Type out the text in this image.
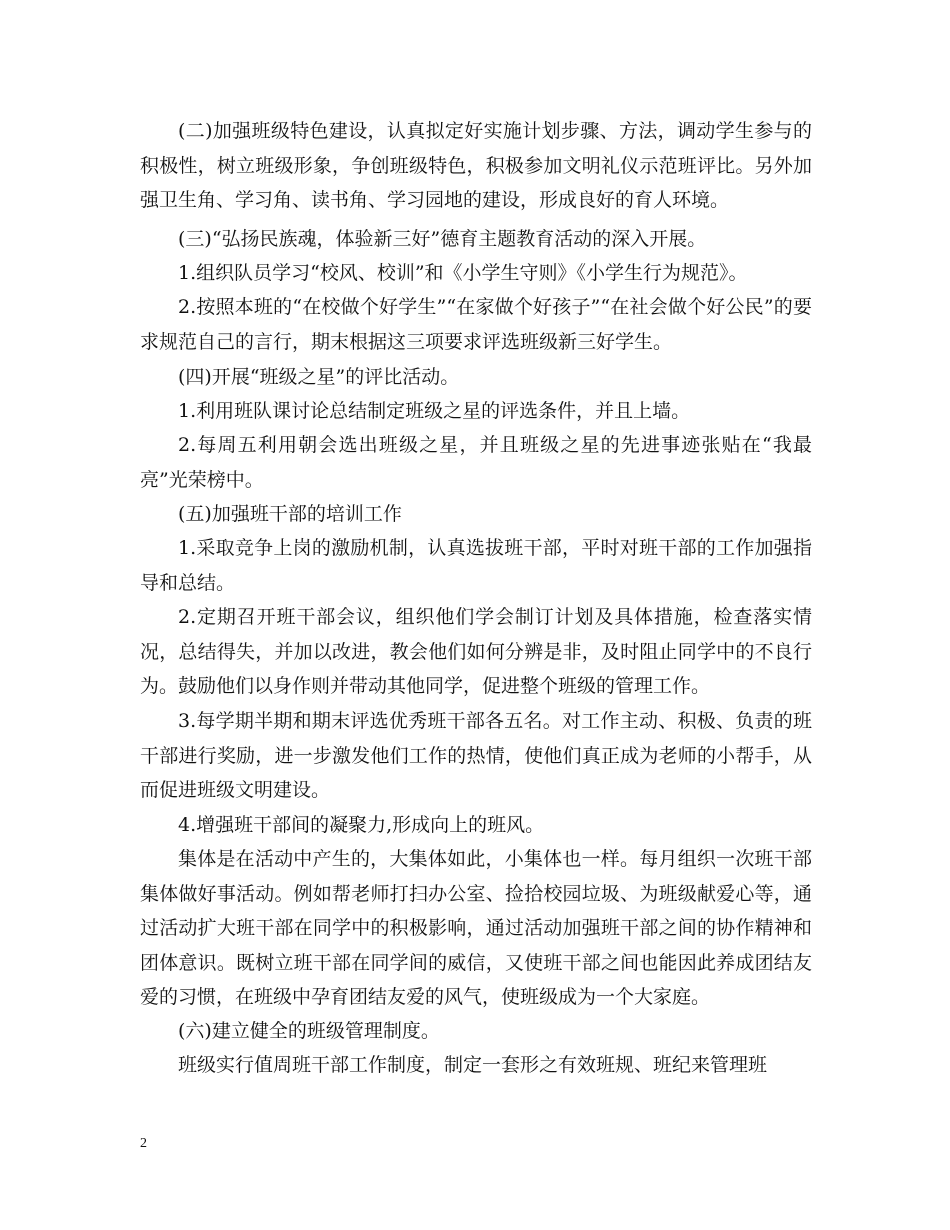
(二)加强班级特色建设，认真拟定好实施计划步骤、方法，调动学生参与的积极性，树立班级形象，争创班级特色，积极参加文明礼仪示范班评比。另外加强卫生角、学习角、读书角、学习园地的建设，形成良好的育人环境。

(三)“弘扬民族魂，体验新三好”德育主题教育活动的深入开展。

1.组织队员学习“校风、校训”和《小学生守则》《小学生行为规范》。

2.按照本班的“在校做个好学生”“在家做个好孩子”“在社会做个好公民”的要求规范自己的言行，期末根据这三项要求评选班级新三好学生。

(四)开展“班级之星”的评比活动。

1.利用班队课讨论总结制定班级之星的评选条件，并且上墙。

2.每周五利用朝会选出班级之星，并且班级之星的先进事迹张贴在“我最亮”光荣榜中。

(五)加强班干部的培训工作

1.采取竞争上岗的激励机制，认真选拔班干部，平时对班干部的工作加强指导和总结。

2.定期召开班干部会议，组织他们学会制订计划及具体措施，检查落实情况，总结得失，并加以改进，教会他们如何分辨是非，及时阻止同学中的不良行为。鼓励他们以身作则并带动其他同学，促进整个班级的管理工作。

3.每学期半期和期末评选优秀班干部各五名。对工作主动、积极、负责的班干部进行奖励，进一步激发他们工作的热情，使他们真正成为老师的小帮手，从而促进班级文明建设。

4.增强班干部间的凝聚力,形成向上的班风。

集体是在活动中产生的，大集体如此，小集体也一样。每月组织一次班干部集体做好事活动。例如帮老师打扫办公室、捡拾校园垃圾、为班级献爱心等，通过活动扩大班干部在同学中的积极影响，通过活动加强班干部之间的协作精神和团体意识。既树立班干部在同学间的威信，又使班干部之间也能因此养成团结友爱的习惯，在班级中孕育团结友爱的风气，使班级成为一个大家庭。

(六)建立健全的班级管理制度。

班级实行值周班干部工作制度，制定一套形之有效班规、班纪来管理班

2
